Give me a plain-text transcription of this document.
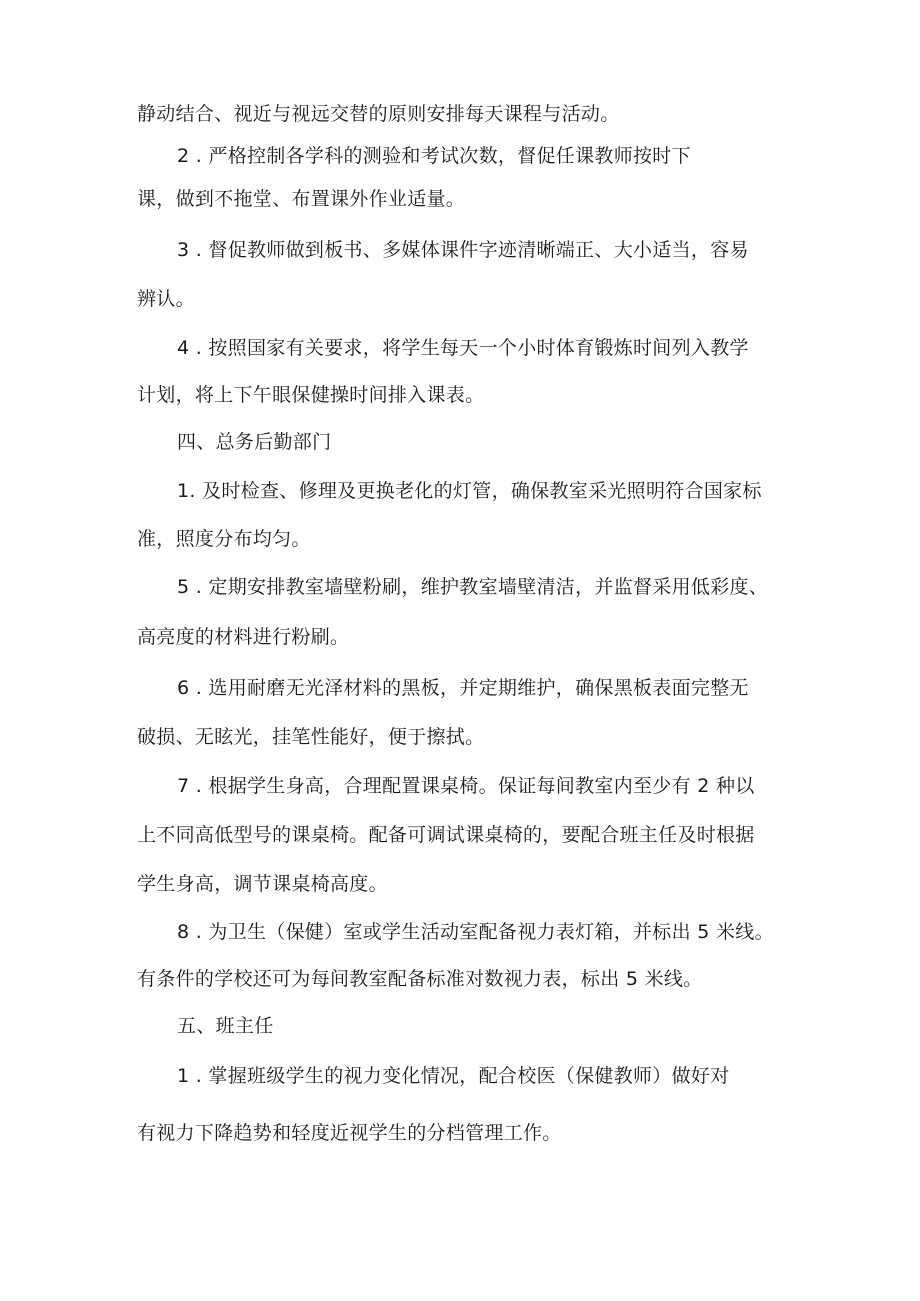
静动结合、视近与视远交替的原则安排每天课程与活动。
2 . 严格控制各学科的测验和考试次数，督促任课教师按时下
课，做到不拖堂、布置课外作业适量。
3 . 督促教师做到板书、多媒体课件字迹清晰端正、大小适当，容易
辨认。
4 . 按照国家有关要求，将学生每天一个小时体育锻炼时间列入教学
计划，将上下午眼保健操时间排入课表。
四、总务后勤部门
1. 及时检查、修理及更换老化的灯管，确保教室采光照明符合国家标
准，照度分布均匀。
5 . 定期安排教室墙壁粉刷，维护教室墙壁清洁，并监督采用低彩度、
高亮度的材料进行粉刷。
6 . 选用耐磨无光泽材料的黑板，并定期维护，确保黑板表面完整无
破损、无眩光，挂笔性能好，便于擦拭。
7 . 根据学生身高，合理配置课桌椅。保证每间教室内至少有 2 种以
上不同高低型号的课桌椅。配备可调试课桌椅的，要配合班主任及时根据
学生身高，调节课桌椅高度。
8 . 为卫生（保健）室或学生活动室配备视力表灯箱，并标出 5 米线。
有条件的学校还可为每间教室配备标准对数视力表，标出 5 米线。
五、班主任
1 . 掌握班级学生的视力变化情况，配合校医（保健教师）做好对
有视力下降趋势和轻度近视学生的分档管理工作。
